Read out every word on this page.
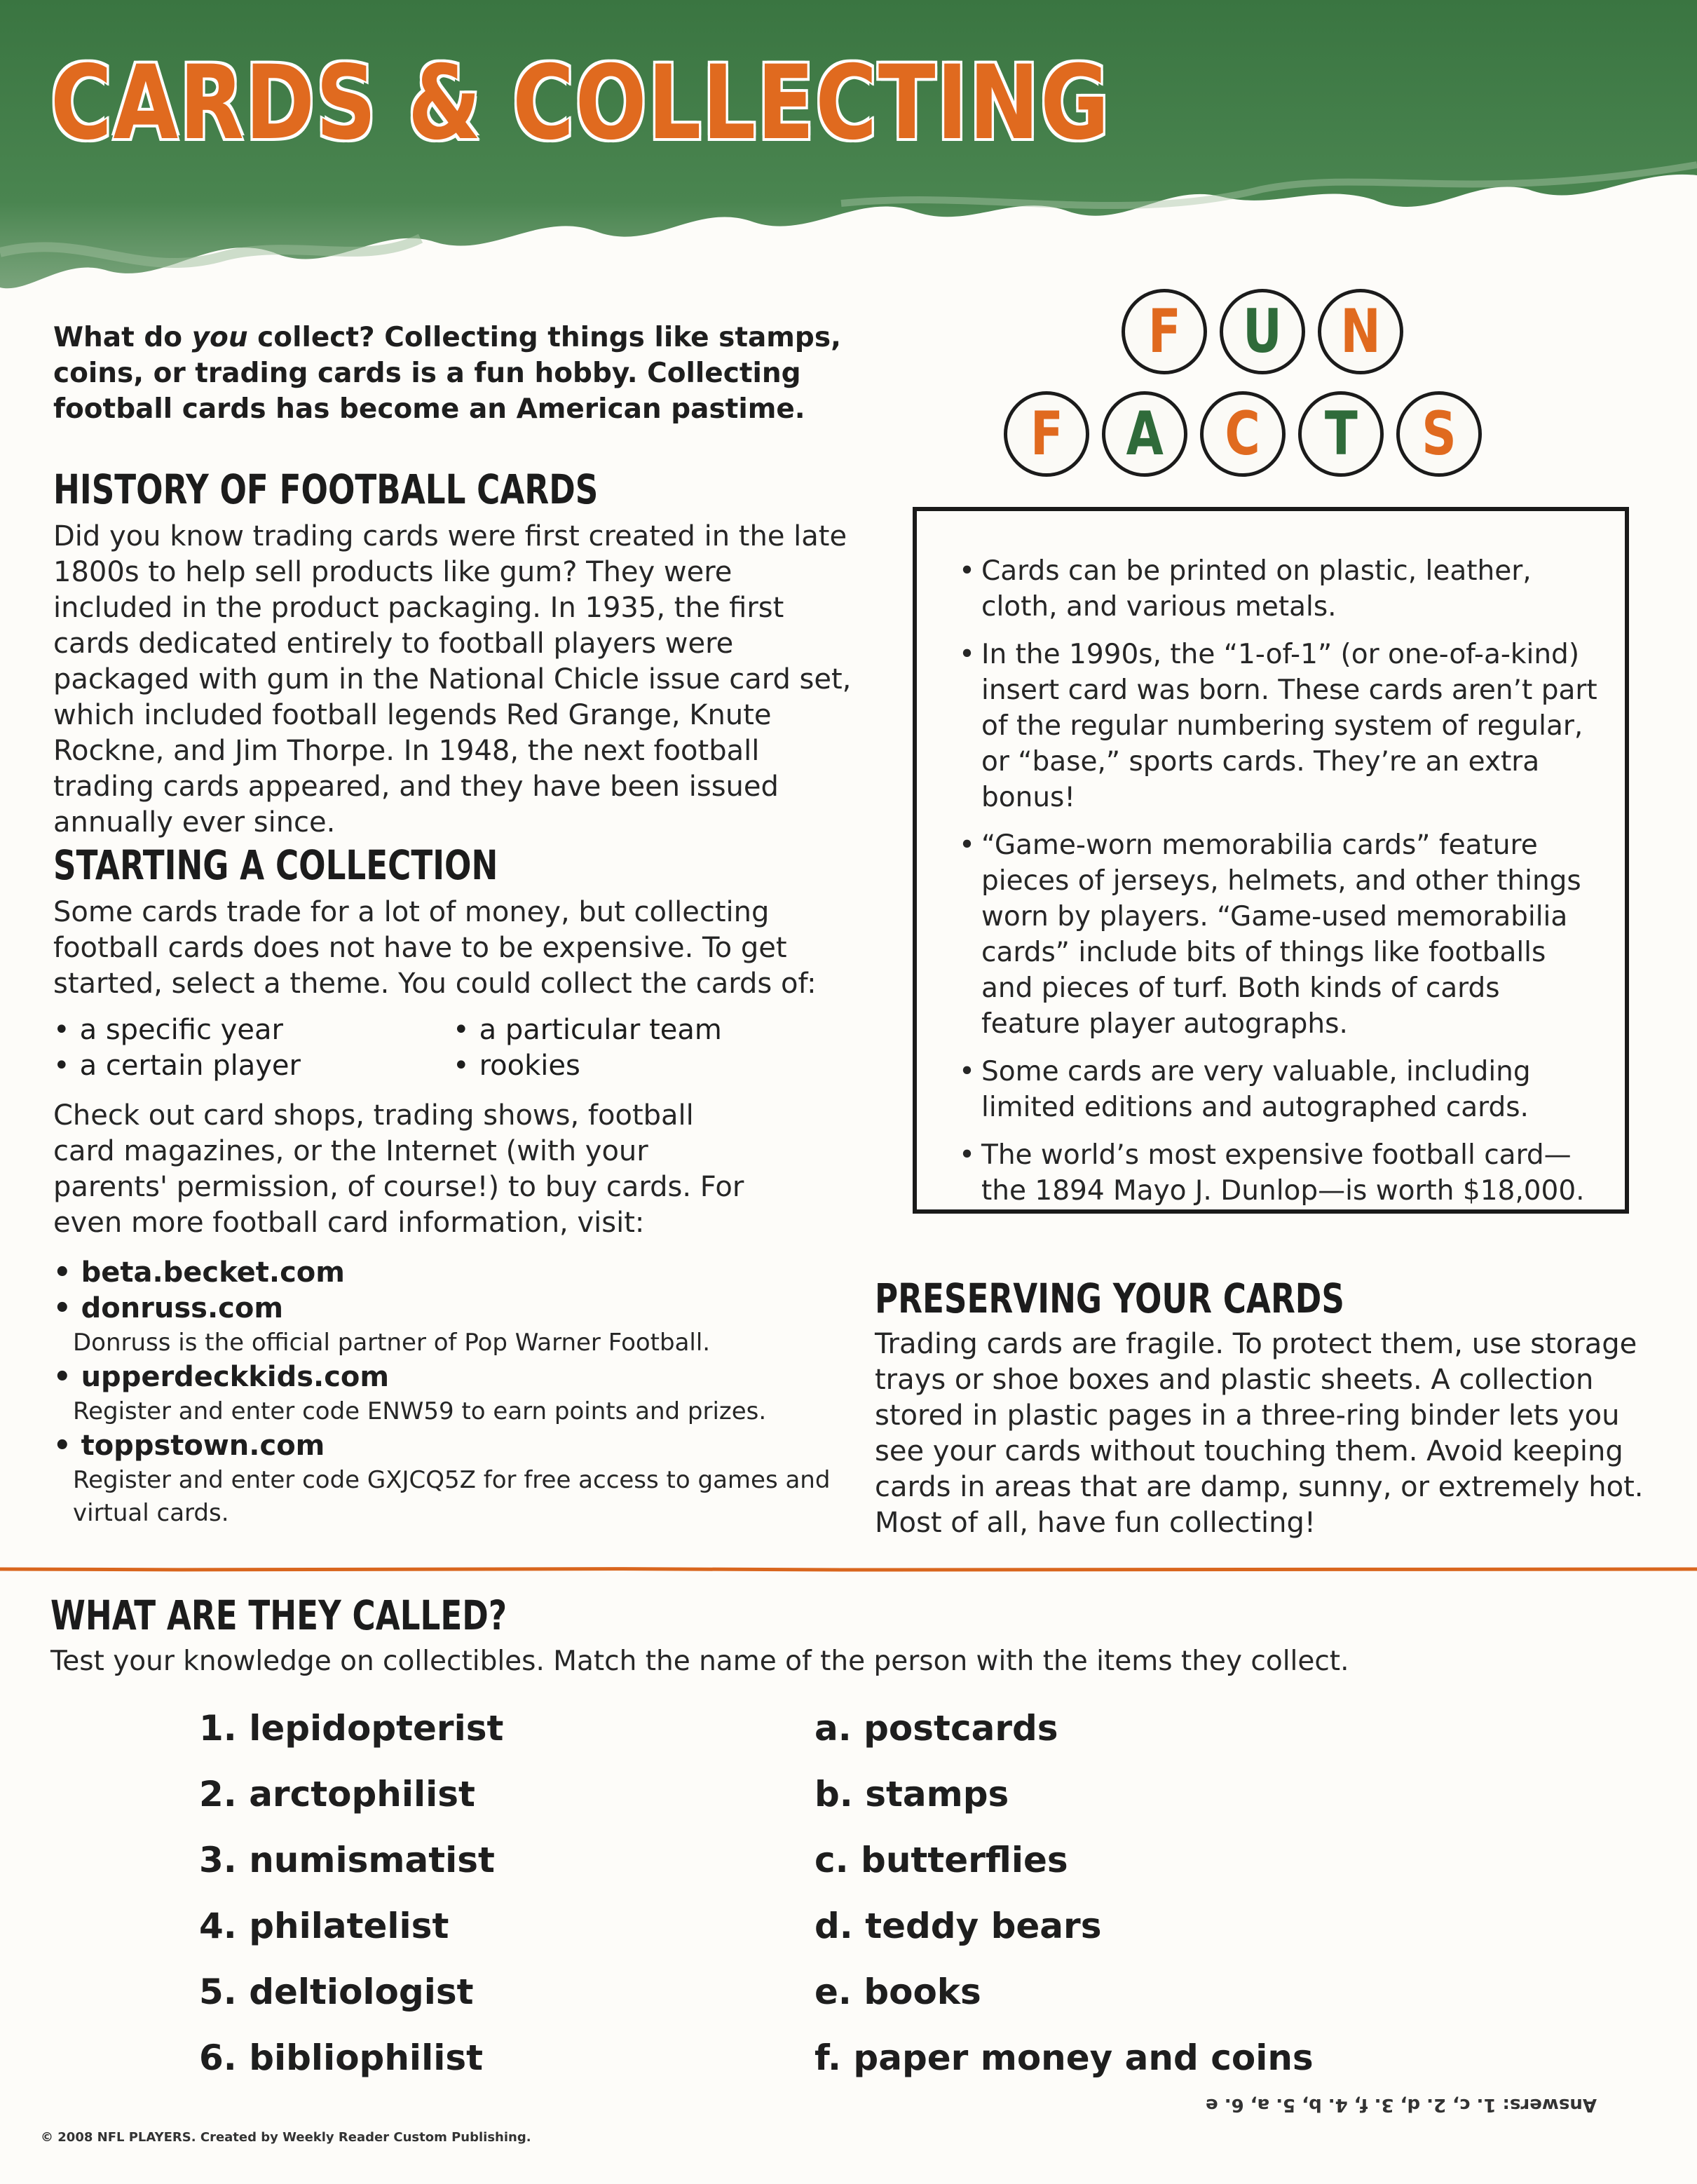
CARDS & COLLECTING

What do you collect? Collecting things like stamps, coins, or trading cards is a fun hobby. Collecting football cards has become an American pastime.

HISTORY OF FOOTBALL CARDS

Did you know trading cards were first created in the late 1800s to help sell products like gum? They were included in the product packaging. In 1935, the first cards dedicated entirely to football players were packaged with gum in the National Chicle issue card set, which included football legends Red Grange, Knute Rockne, and Jim Thorpe. In 1948, the next football trading cards appeared, and they have been issued annually ever since.

STARTING A COLLECTION

Some cards trade for a lot of money, but collecting football cards does not have to be expensive. To get started, select a theme. You could collect the cards of:

• a specific year	• a particular team
• a certain player	• rookies

Check out card shops, trading shows, football card magazines, or the Internet (with your parents' permission, of course!) to buy cards. For even more football card information, visit:

• beta.becket.com
• donruss.com
Donruss is the official partner of Pop Warner Football.
• upperdeckkids.com
Register and enter code ENW59 to earn points and prizes.
• toppstown.com
Register and enter code GXJCQ5Z for free access to games and virtual cards.
F U N
F A C T S
• Cards can be printed on plastic, leather, cloth, and various metals.
• In the 1990s, the “1-of-1” (or one-of-a-kind) insert card was born. These cards aren’t part of the regular numbering system of regular, or “base,” sports cards. They’re an extra bonus!
• “Game-worn memorabilia cards” feature pieces of jerseys, helmets, and other things worn by players. “Game-used memorabilia cards” include bits of things like footballs and pieces of turf. Both kinds of cards feature player autographs.
• Some cards are very valuable, including limited editions and autographed cards.
• The world’s most expensive football card—the 1894 Mayo J. Dunlop—is worth $18,000.
PRESERVING YOUR CARDS

Trading cards are fragile. To protect them, use storage trays or shoe boxes and plastic sheets. A collection stored in plastic pages in a three-ring binder lets you see your cards without touching them. Avoid keeping cards in areas that are damp, sunny, or extremely hot. Most of all, have fun collecting!

WHAT ARE THEY CALLED?

Test your knowledge on collectibles. Match the name of the person with the items they collect.

1. lepidopterist
2. arctophilist
3. numismatist
4. philatelist
5. deltiologist
6. bibliophilist
a. postcards
b. stamps
c. butterflies
d. teddy bears
e. books
f. paper money and coins
Answers: 1. c, 2. d, 3. f, 4. b, 5. a, 6. e
© 2008 NFL PLAYERS. Created by Weekly Reader Custom Publishing.
